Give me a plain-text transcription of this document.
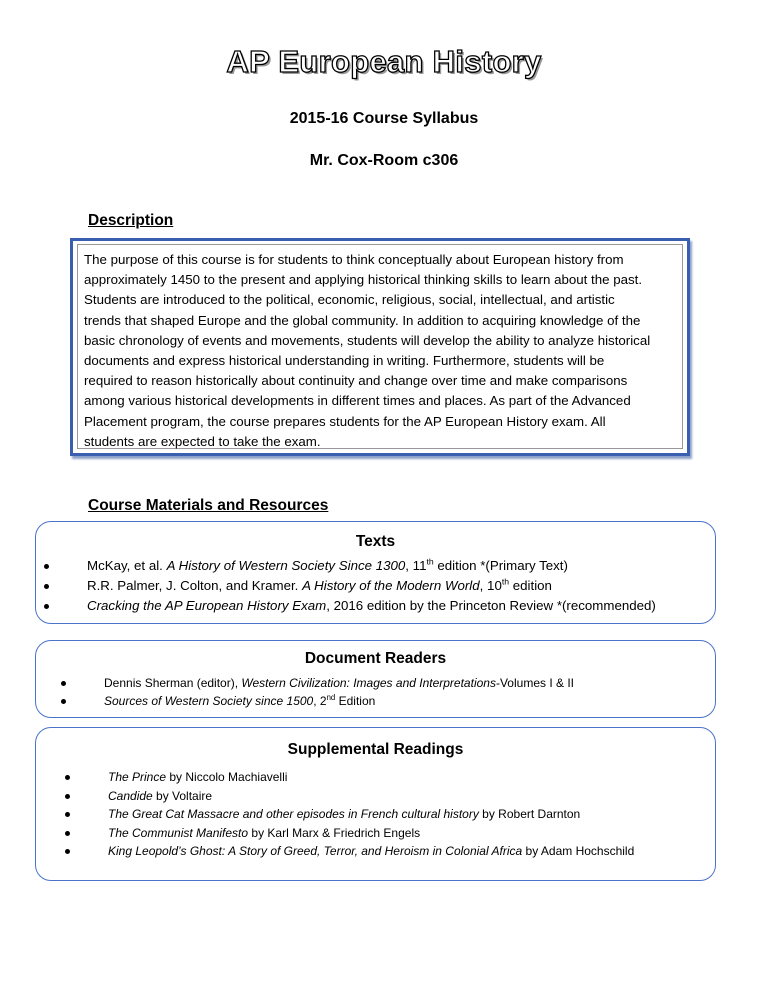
AP European History
2015-16 Course Syllabus
Mr. Cox-Room c306
Description
The purpose of this course is for students to think conceptually about European history from
approximately 1450 to the present and applying historical thinking skills to learn about the past.
Students are introduced to the political, economic, religious, social, intellectual, and artistic
trends that shaped Europe and the global community. In addition to acquiring knowledge of the
basic chronology of events and movements, students will develop the ability to analyze historical
documents and express historical understanding in writing. Furthermore, students will be
required to reason historically about continuity and change over time and make comparisons
among various historical developments in different times and places. As part of the Advanced
Placement program, the course prepares students for the AP European History exam. All
students are expected to take the exam.
Course Materials and Resources
Texts
McKay, et al. A History of Western Society Since 1300, 11th edition *(Primary Text)
R.R. Palmer, J. Colton, and Kramer. A History of the Modern World, 10th edition
Cracking the AP European History Exam, 2016 edition by the Princeton Review *(recommended)
Document Readers
Dennis Sherman (editor), Western Civilization: Images and Interpretations-Volumes I & II
Sources of Western Society since 1500, 2nd Edition
Supplemental Readings
The Prince by Niccolo Machiavelli
Candide by Voltaire
The Great Cat Massacre and other episodes in French cultural history by Robert Darnton
The Communist Manifesto by Karl Marx & Friedrich Engels
King Leopold’s Ghost: A Story of Greed, Terror, and Heroism in Colonial Africa by Adam Hochschild
